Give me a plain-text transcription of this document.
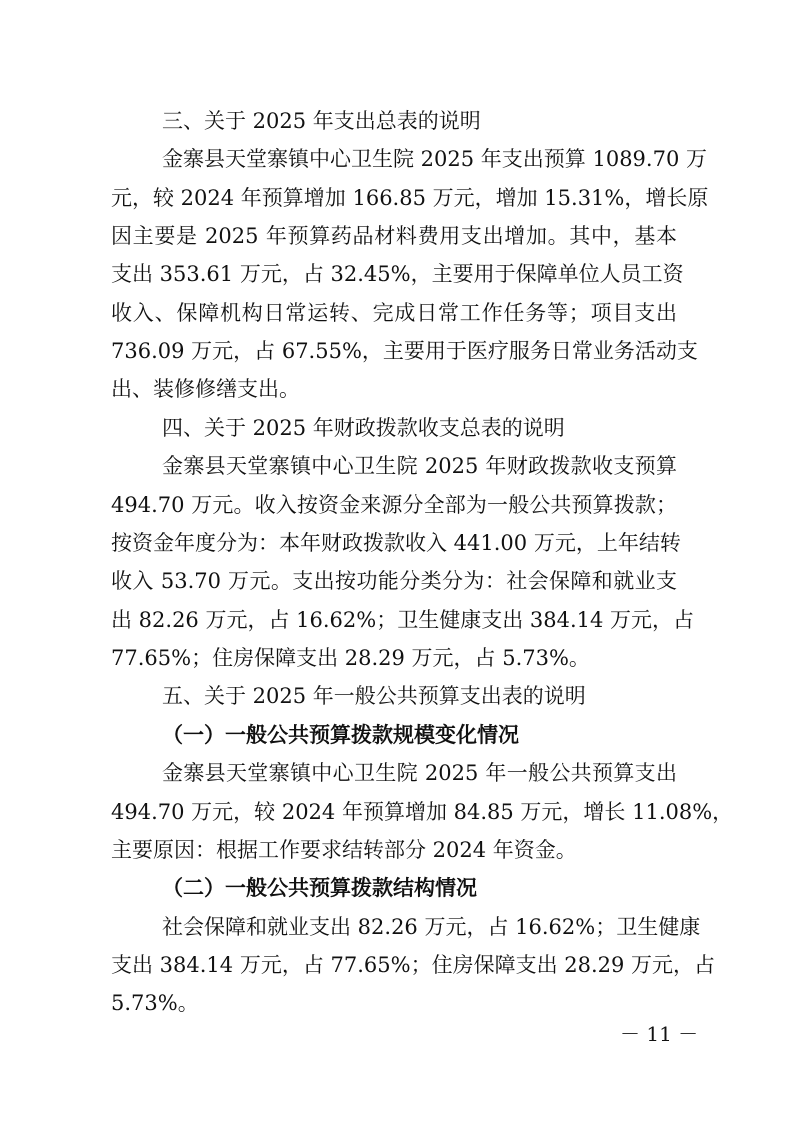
三、关于 2025 年支出总表的说明
金寨县天堂寨镇中心卫生院 2025 年支出预算 1089.70 万
元，较 2024 年预算增加 166.85 万元，增加 15.31%，增长原
因主要是 2025 年预算药品材料费用支出增加。其中，基本
支出 353.61 万元，占 32.45%，主要用于保障单位人员工资
收入、保障机构日常运转、完成日常工作任务等；项目支出
736.09 万元，占 67.55%，主要用于医疗服务日常业务活动支
出、装修修缮支出。
四、关于 2025 年财政拨款收支总表的说明
金寨县天堂寨镇中心卫生院 2025 年财政拨款收支预算
494.70 万元。收入按资金来源分全部为一般公共预算拨款；
按资金年度分为：本年财政拨款收入 441.00 万元，上年结转
收入 53.70 万元。支出按功能分类分为：社会保障和就业支
出 82.26 万元，占 16.62%；卫生健康支出 384.14 万元，占
77.65%；住房保障支出 28.29 万元，占 5.73%。
五、关于 2025 年一般公共预算支出表的说明
（一）一般公共预算拨款规模变化情况
金寨县天堂寨镇中心卫生院 2025 年一般公共预算支出
494.70 万元，较 2024 年预算增加 84.85 万元，增长 11.08%，
主要原因：根据工作要求结转部分 2024 年资金。
（二）一般公共预算拨款结构情况
社会保障和就业支出 82.26 万元，占 16.62%；卫生健康
支出 384.14 万元，占 77.65%；住房保障支出 28.29 万元，占
5.73%。
－ 11 －
